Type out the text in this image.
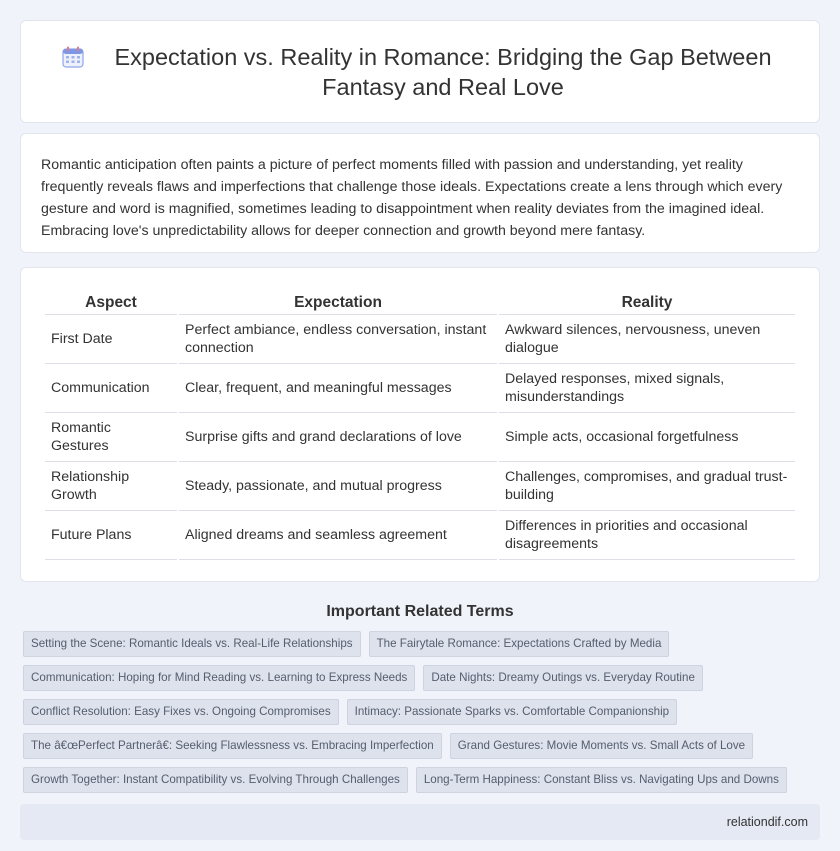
Expectation vs. Reality in Romance: Bridging the Gap Between Fantasy and Real Love

Romantic anticipation often paints a picture of perfect moments filled with passion and understanding, yet reality frequently reveals flaws and imperfections that challenge those ideals. Expectations create a lens through which every gesture and word is magnified, sometimes leading to disappointment when reality deviates from the imagined ideal. Embracing love's unpredictability allows for deeper connection and growth beyond mere fantasy.

Aspect	Expectation	Reality
First Date	Perfect ambiance, endless conversation, instant connection	Awkward silences, nervousness, uneven dialogue
Communication	Clear, frequent, and meaningful messages	Delayed responses, mixed signals, misunderstandings
Romantic Gestures	Surprise gifts and grand declarations of love	Simple acts, occasional forgetfulness
Relationship Growth	Steady, passionate, and mutual progress	Challenges, compromises, and gradual trust-building
Future Plans	Aligned dreams and seamless agreement	Differences in priorities and occasional disagreements
Important Related Terms
Setting the Scene: Romantic Ideals vs. Real-Life Relationships	The Fairytale Romance: Expectations Crafted by Media
Communication: Hoping for Mind Reading vs. Learning to Express Needs	Date Nights: Dreamy Outings vs. Everyday Routine
Conflict Resolution: Easy Fixes vs. Ongoing Compromises	Intimacy: Passionate Sparks vs. Comfortable Companionship
The â€œPerfect Partnerâ€: Seeking Flawlessness vs. Embracing Imperfection	Grand Gestures: Movie Moments vs. Small Acts of Love
Growth Together: Instant Compatibility vs. Evolving Through Challenges	Long-Term Happiness: Constant Bliss vs. Navigating Ups and Downs
relationdif.com
